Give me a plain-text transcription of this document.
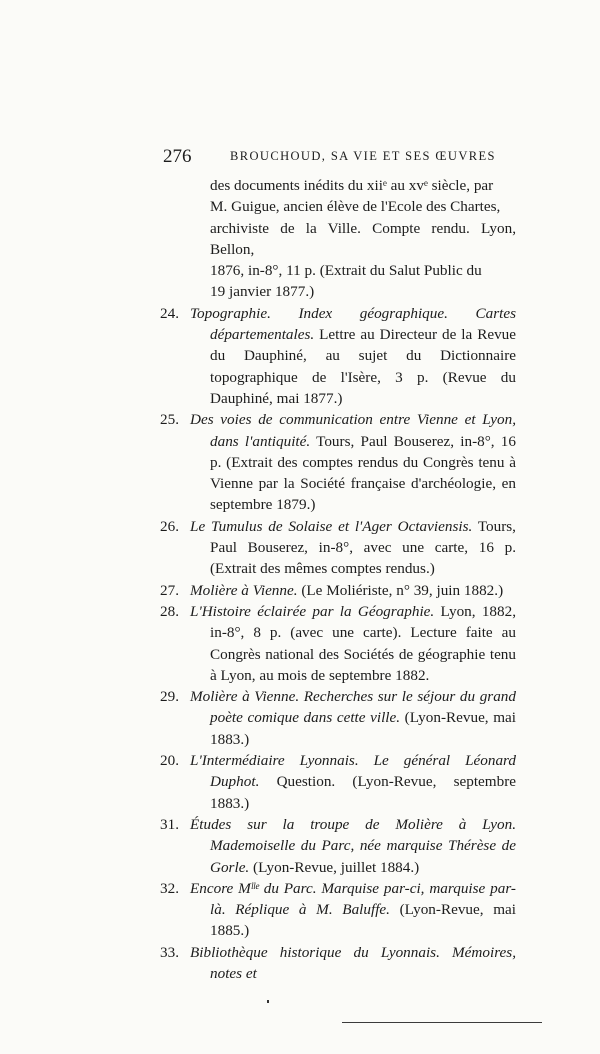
276	BROUCHOUD, SA VIE ET SES ŒUVRES
des documents inédits du xiiᵉ au xvᵉ siècle, par
M. Guigue, ancien élève de l'Ecole des Chartes,
archiviste de la Ville. Compte rendu. Lyon, Bellon,
1876, in-8°, 11 p. (Extrait du Salut Public du
19 janvier 1877.)
24. Topographie. Index géographique. Cartes départementales. Lettre au Directeur de la Revue du Dauphiné, au sujet du Dictionnaire topographique de l'Isère, 3 p. (Revue du Dauphiné, mai 1877.)
25. Des voies de communication entre Vienne et Lyon, dans l'antiquité. Tours, Paul Bouserez, in-8°, 16 p. (Extrait des comptes rendus du Congrès tenu à Vienne par la Société française d'archéologie, en septembre 1879.)
26. Le Tumulus de Solaise et l'Ager Octaviensis. Tours, Paul Bouserez, in-8°, avec une carte, 16 p. (Extrait des mêmes comptes rendus.)
27. Molière à Vienne. (Le Moliériste, n° 39, juin 1882.)
28. L'Histoire éclairée par la Géographie. Lyon, 1882, in-8°, 8 p. (avec une carte). Lecture faite au Congrès national des Sociétés de géographie tenu à Lyon, au mois de septembre 1882.
29. Molière à Vienne. Recherches sur le séjour du grand poète comique dans cette ville. (Lyon-Revue, mai 1883.)
20. L'Intermédiaire Lyonnais. Le général Léonard Duphot. Question. (Lyon-Revue, septembre 1883.)
31. Études sur la troupe de Molière à Lyon. Mademoiselle du Parc, née marquise Thérèse de Gorle. (Lyon-Revue, juillet 1884.)
32. Encore Mˡˡᵉ du Parc. Marquise par-ci, marquise par-là. Réplique à M. Baluffe. (Lyon-Revue, mai 1885.)
33. Bibliothèque historique du Lyonnais. Mémoires, notes et
